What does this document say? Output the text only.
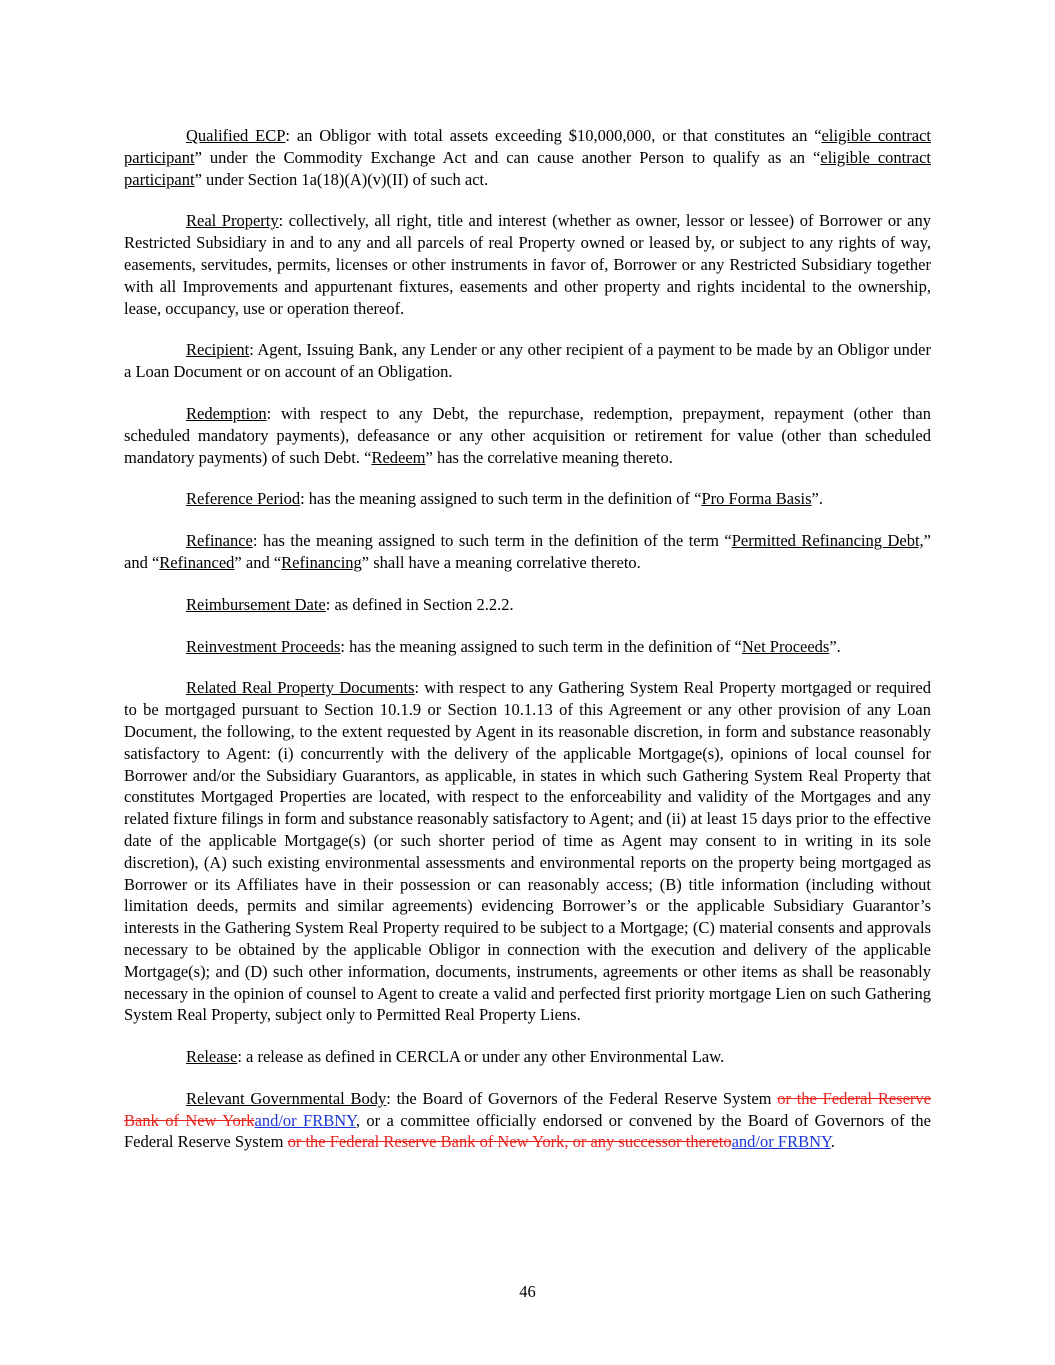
Qualified ECP: an Obligor with total assets exceeding $10,000,000, or that constitutes an “eligible contract participant” under the Commodity Exchange Act and can cause another Person to qualify as an “eligible contract participant” under Section 1a(18)(A)(v)(II) of such act.

Real Property: collectively, all right, title and interest (whether as owner, lessor or lessee) of Borrower or any Restricted Subsidiary in and to any and all parcels of real Property owned or leased by, or subject to any rights of way, easements, servitudes, permits, licenses or other instruments in favor of, Borrower or any Restricted Subsidiary together with all Improvements and appurtenant fixtures, easements and other property and rights incidental to the ownership, lease, occupancy, use or operation thereof.

Recipient: Agent, Issuing Bank, any Lender or any other recipient of a payment to be made by an Obligor under a Loan Document or on account of an Obligation.

Redemption: with respect to any Debt, the repurchase, redemption, prepayment, repayment (other than scheduled mandatory payments), defeasance or any other acquisition or retirement for value (other than scheduled mandatory payments) of such Debt. “Redeem” has the correlative meaning thereto.

Reference Period: has the meaning assigned to such term in the definition of “Pro Forma Basis”.

Refinance: has the meaning assigned to such term in the definition of the term “Permitted Refinancing Debt,” and “Refinanced” and “Refinancing” shall have a meaning correlative thereto.

Reimbursement Date: as defined in Section 2.2.2.

Reinvestment Proceeds: has the meaning assigned to such term in the definition of “Net Proceeds”.

Related Real Property Documents: with respect to any Gathering System Real Property mortgaged or required to be mortgaged pursuant to Section 10.1.9 or Section 10.1.13 of this Agreement or any other provision of any Loan Document, the following, to the extent requested by Agent in its reasonable discretion, in form and substance reasonably satisfactory to Agent: (i) concurrently with the delivery of the applicable Mortgage(s), opinions of local counsel for Borrower and/or the Subsidiary Guarantors, as applicable, in states in which such Gathering System Real Property that constitutes Mortgaged Properties are located, with respect to the enforceability and validity of the Mortgages and any related fixture filings in form and substance reasonably satisfactory to Agent; and (ii) at least 15 days prior to the effective date of the applicable Mortgage(s) (or such shorter period of time as Agent may consent to in writing in its sole discretion), (A) such existing environmental assessments and environmental reports on the property being mortgaged as Borrower or its Affiliates have in their possession or can reasonably access; (B) title information (including without limitation deeds, permits and similar agreements) evidencing Borrower’s or the applicable Subsidiary Guarantor’s interests in the Gathering System Real Property required to be subject to a Mortgage; (C) material consents and approvals necessary to be obtained by the applicable Obligor in connection with the execution and delivery of the applicable Mortgage(s); and (D) such other information, documents, instruments, agreements or other items as shall be reasonably necessary in the opinion of counsel to Agent to create a valid and perfected first priority mortgage Lien on such Gathering System Real Property, subject only to Permitted Real Property Liens.

Release: a release as defined in CERCLA or under any other Environmental Law.

Relevant Governmental Body: the Board of Governors of the Federal Reserve System or the Federal Reserve Bank of New Yorkand/or FRBNY, or a committee officially endorsed or convened by the Board of Governors of the Federal Reserve System or the Federal Reserve Bank of New York, or any successor theretoand/or FRBNY.

46
